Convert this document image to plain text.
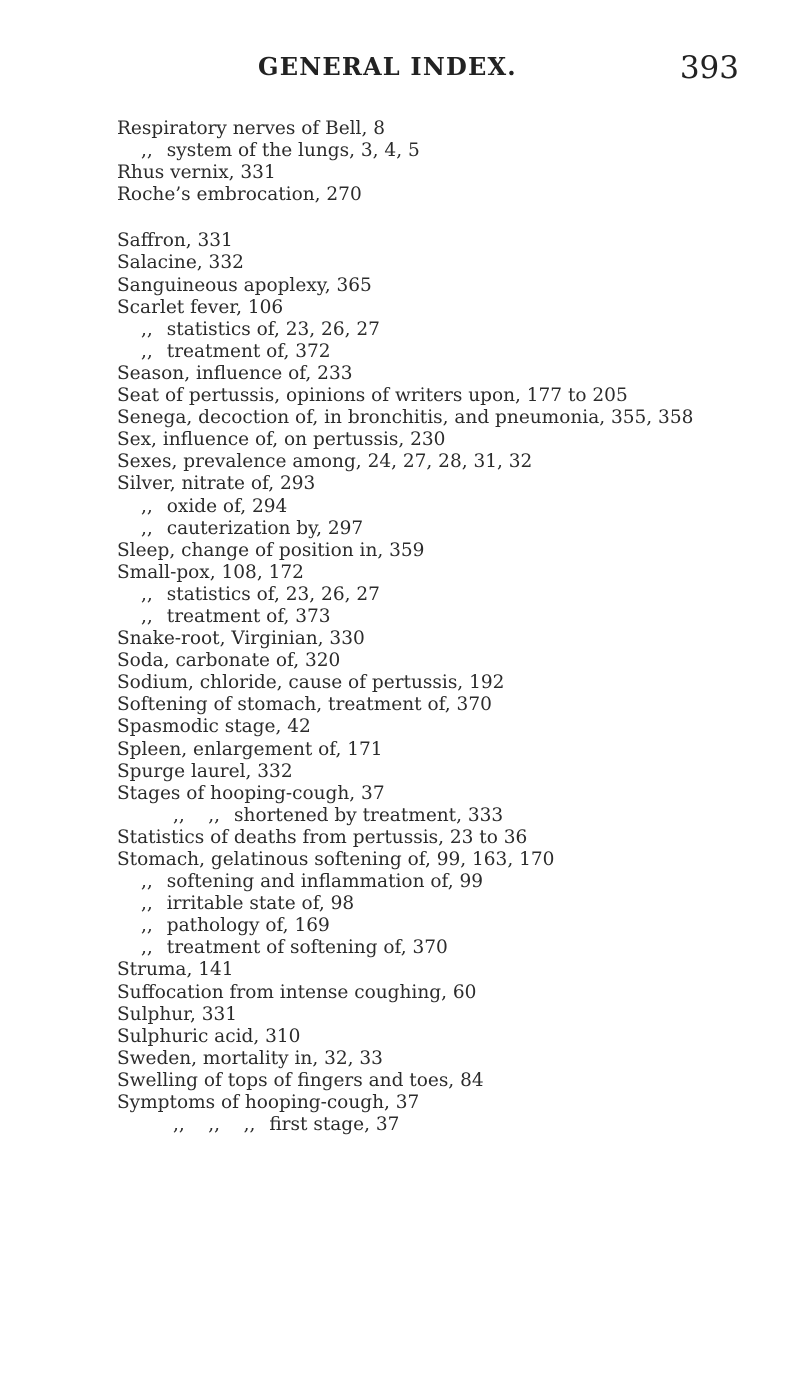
GENERAL INDEX.	393
Respiratory nerves of Bell, 8
,, system of the lungs, 3, 4, 5
Rhus vernix, 331
Roche’s embrocation, 270
Saffron, 331
Salacine, 332
Sanguineous apoplexy, 365
Scarlet fever, 106
,, statistics of, 23, 26, 27
,, treatment of, 372
Season, influence of, 233
Seat of pertussis, opinions of writers upon, 177 to 205
Senega, decoction of, in bronchitis, and pneumonia, 355, 358
Sex, influence of, on pertussis, 230
Sexes, prevalence among, 24, 27, 28, 31, 32
Silver, nitrate of, 293
,, oxide of, 294
,, cauterization by, 297
Sleep, change of position in, 359
Small-pox, 108, 172
,, statistics of, 23, 26, 27
,, treatment of, 373
Snake-root, Virginian, 330
Soda, carbonate of, 320
Sodium, chloride, cause of pertussis, 192
Softening of stomach, treatment of, 370
Spasmodic stage, 42
Spleen, enlargement of, 171
Spurge laurel, 332
Stages of hooping-cough, 37
,,    ,, shortened by treatment, 333
Statistics of deaths from pertussis, 23 to 36
Stomach, gelatinous softening of, 99, 163, 170
,, softening and inflammation of, 99
,, irritable state of, 98
,, pathology of, 169
,, treatment of softening of, 370
Struma, 141
Suffocation from intense coughing, 60
Sulphur, 331
Sulphuric acid, 310
Sweden, mortality in, 32, 33
Swelling of tops of fingers and toes, 84
Symptoms of hooping-cough, 37
,,    ,,    ,, first stage, 37
